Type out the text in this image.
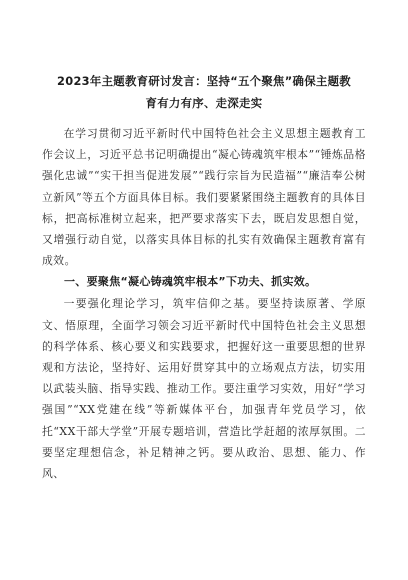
2023年主题教育研讨发言：坚持“五个聚焦”确保主题教
育有力有序、走深走实

在学习贯彻习近平新时代中国特色社会主义思想主题教育工作会议上，习近平总书记明确提出“凝心铸魂筑牢根本”“锤炼品格强化忠诚”“实干担当促进发展”“践行宗旨为民造福”“廉洁奉公树立新风”等五个方面具体目标。我们要紧紧围绕主题教育的具体目标，把高标准树立起来，把严要求落实下去，既启发思想自觉，又增强行动自觉，以落实具体目标的扎实有效确保主题教育富有成效。

一、要聚焦“凝心铸魂筑牢根本”下功夫、抓实效。

一要强化理论学习，筑牢信仰之基。要坚持读原著、学原文、悟原理，全面学习领会习近平新时代中国特色社会主义思想的科学体系、核心要义和实践要求，把握好这一重要思想的世界观和方法论，坚持好、运用好贯穿其中的立场观点方法，切实用以武装头脑、指导实践、推动工作。要注重学习实效，用好“学习强国”“XX党建在线”等新媒体平台，加强青年党员学习，依托“XX干部大学堂”开展专题培训，营造比学赶超的浓厚氛围。二要坚定理想信念，补足精神之钙。要从政治、思想、能力、作风、
